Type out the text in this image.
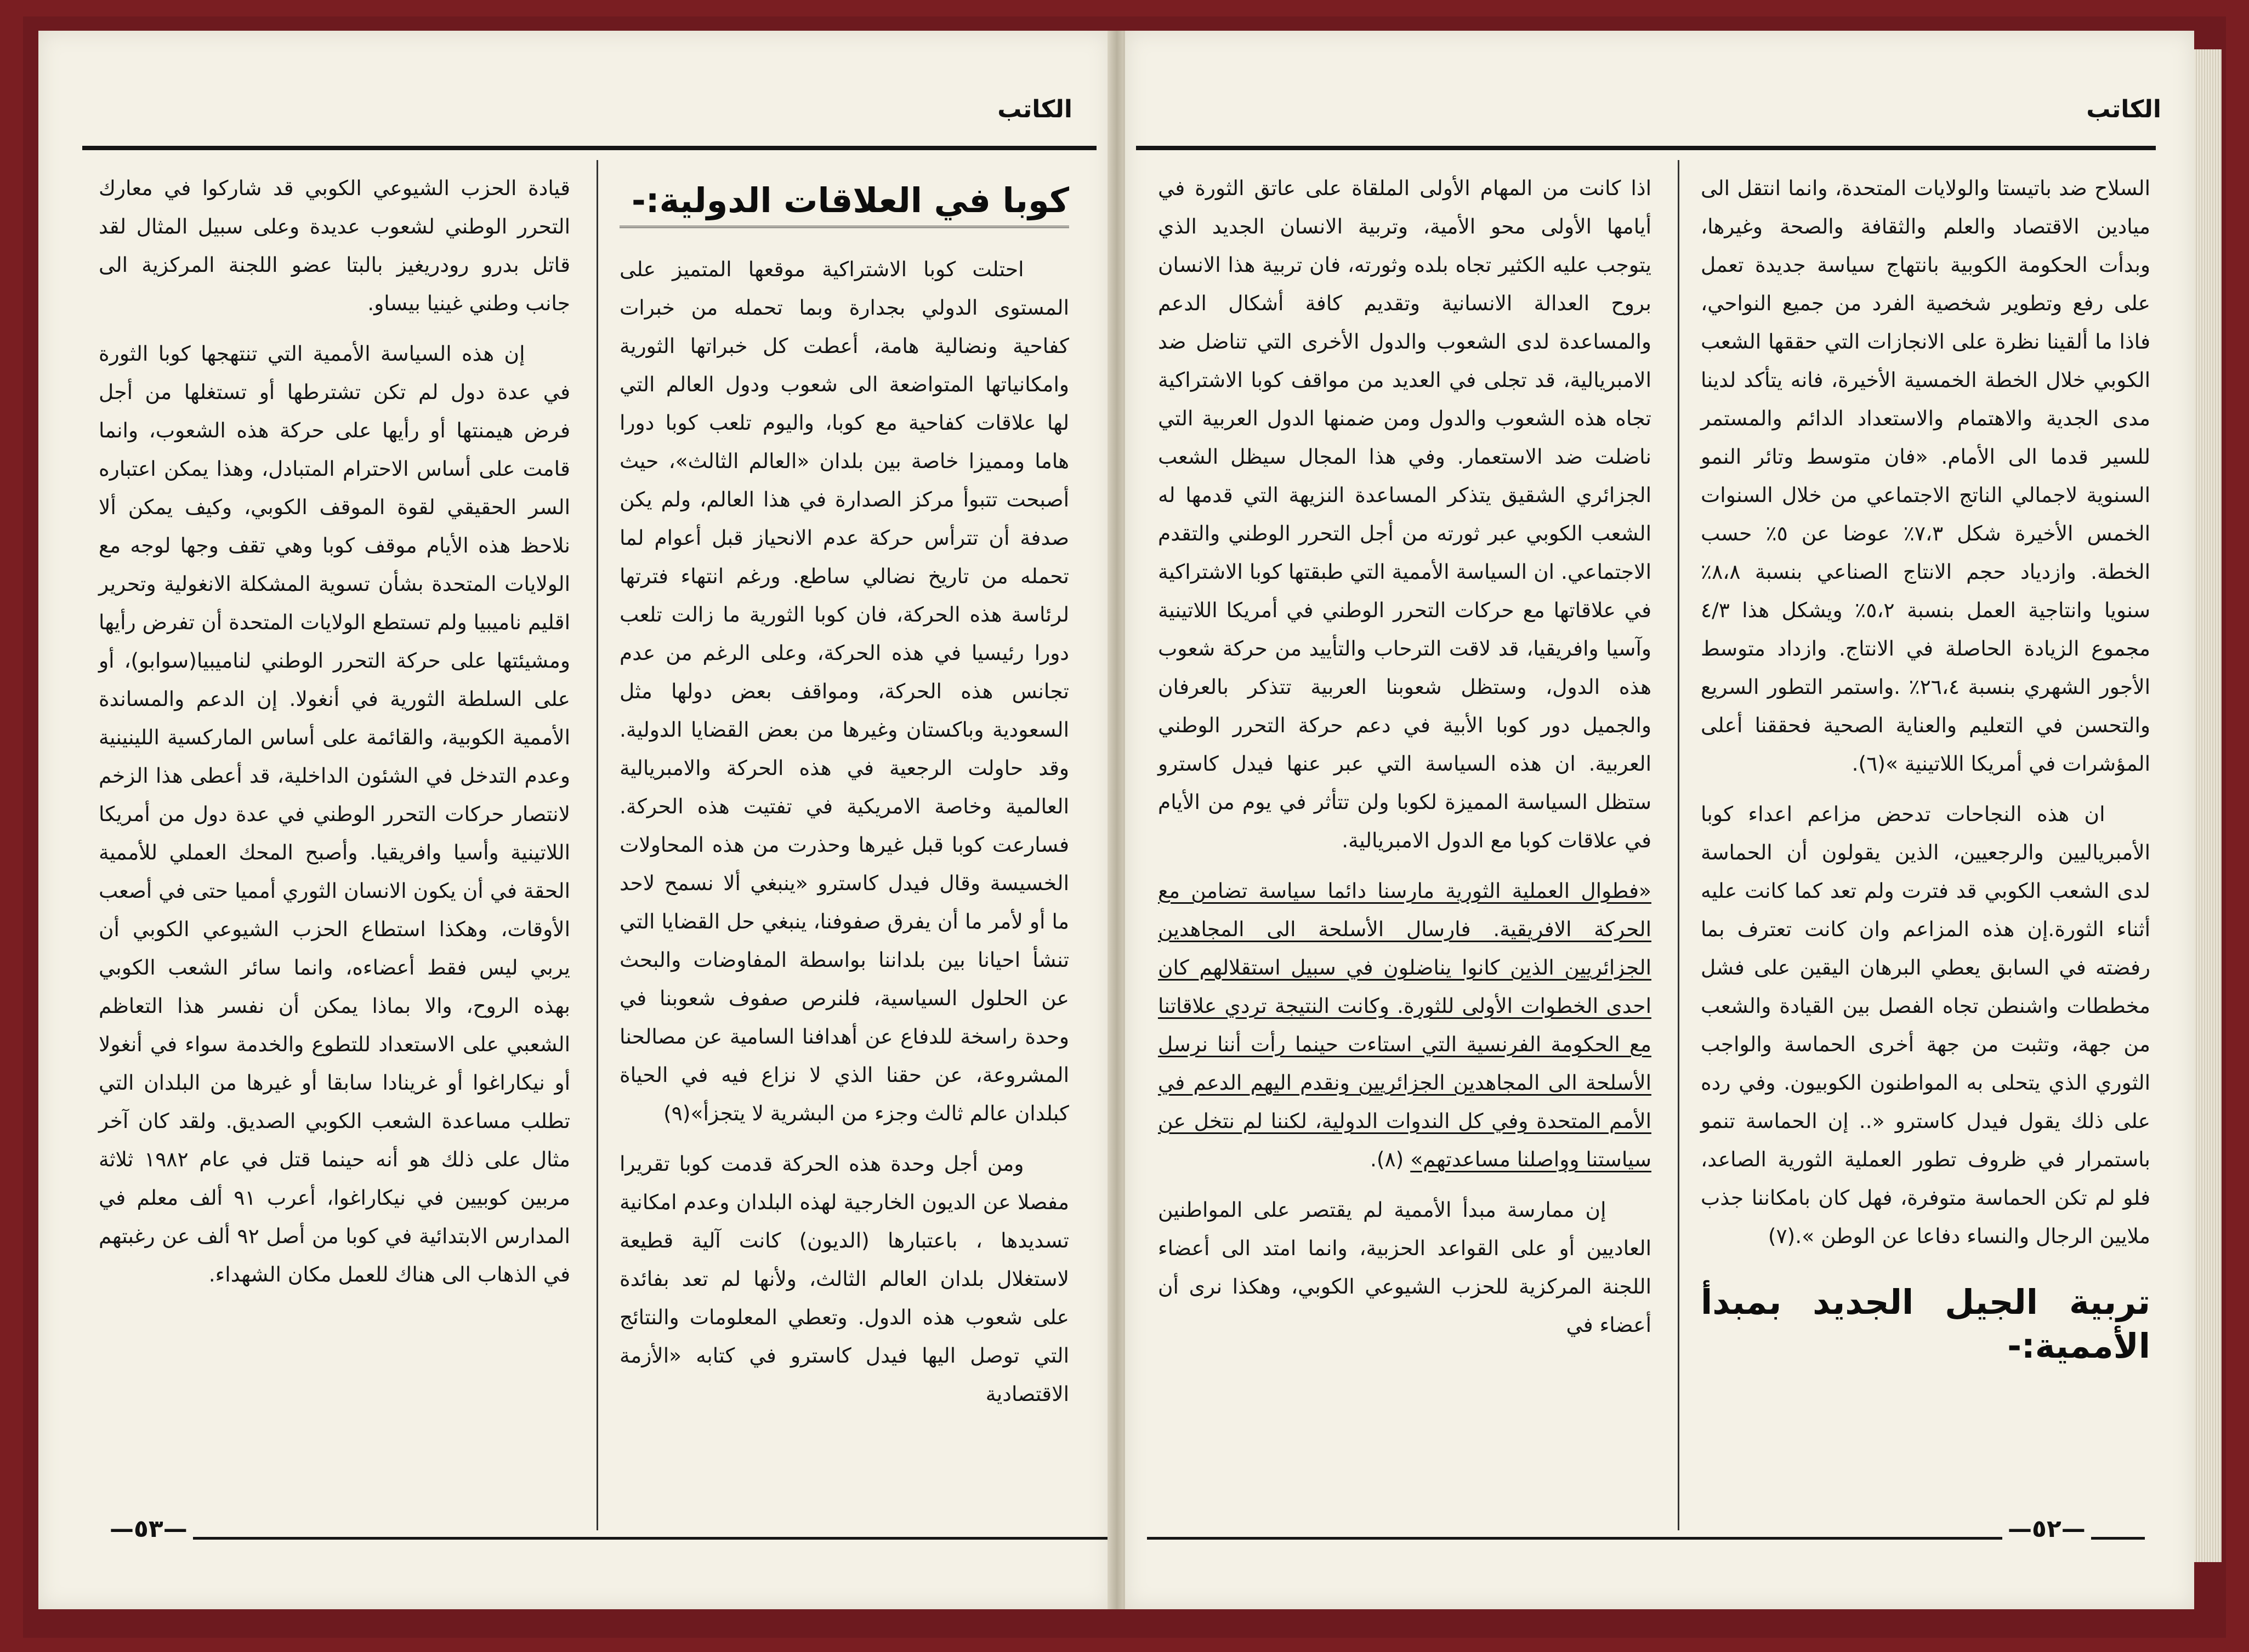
الكاتب

كوبا في العلاقات الدولية:-

احتلت كوبا الاشتراكية موقعها المتميز على المستوى الدولي بجدارة وبما تحمله من خبرات كفاحية ونضالية هامة، أعطت كل خبراتها الثورية وامكانياتها المتواضعة الى شعوب ودول العالم التي لها علاقات كفاحية مع كوبا، واليوم تلعب كوبا دورا هاما ومميزا خاصة بين بلدان «العالم الثالث»، حيث أصبحت تتبوأ مركز الصدارة في هذا العالم، ولم يكن صدفة أن تترأس حركة عدم الانحياز قبل أعوام لما تحمله من تاريخ نضالي ساطع. ورغم انتهاء فترتها لرئاسة هذه الحركة، فان كوبا الثورية ما زالت تلعب دورا رئيسيا في هذه الحركة، وعلى الرغم من عدم تجانس هذه الحركة، ومواقف بعض دولها مثل السعودية وباكستان وغيرها من بعض القضايا الدولية. وقد حاولت الرجعية في هذه الحركة والامبريالية العالمية وخاصة الامريكية في تفتيت هذه الحركة. فسارعت كوبا قبل غيرها وحذرت من هذه المحاولات الخسيسة وقال فيدل كاسترو «ينبغي ألا نسمح لاحد ما أو لأمر ما أن يفرق صفوفنا، ينبغي حل القضايا التي تنشأ احيانا بين بلداننا بواسطة المفاوضات والبحث عن الحلول السياسية، فلنرص صفوف شعوبنا في وحدة راسخة للدفاع عن أهدافنا السامية عن مصالحنا المشروعة، عن حقنا الذي لا نزاع فيه في الحياة كبلدان عالم ثالث وجزء من البشرية لا يتجزأ»(٩)

ومن أجل وحدة هذه الحركة قدمت كوبا تقريرا مفصلا عن الديون الخارجية لهذه البلدان وعدم امكانية تسديدها ، باعتبارها (الديون) كانت آلية قطيعة لاستغلال بلدان العالم الثالث، ولأنها لم تعد بفائدة على شعوب هذه الدول. وتعطي المعلومات والنتائج التي توصل اليها فيدل كاسترو في كتابه «الأزمة الاقتصادية

قيادة الحزب الشيوعي الكوبي قد شاركوا في معارك التحرر الوطني لشعوب عديدة وعلى سبيل المثال لقد قاتل بدرو رودريغيز بالبتا عضو اللجنة المركزية الى جانب وطني غينيا بيساو.

إن هذه السياسة الأممية التي تنتهجها كوبا الثورة في عدة دول لم تكن تشترطها أو تستغلها من أجل فرض هيمنتها أو رأيها على حركة هذه الشعوب، وانما قامت على أساس الاحترام المتبادل، وهذا يمكن اعتباره السر الحقيقي لقوة الموقف الكوبي، وكيف يمكن ألا نلاحظ هذه الأيام موقف كوبا وهي تقف وجها لوجه مع الولايات المتحدة بشأن تسوية المشكلة الانغولية وتحرير اقليم ناميبيا ولم تستطع الولايات المتحدة أن تفرض رأيها ومشيئتها على حركة التحرر الوطني لناميبيا(سوابو)، أو على السلطة الثورية في أنغولا. إن الدعم والمساندة الأممية الكوبية، والقائمة على أساس الماركسية اللينينية وعدم التدخل في الشئون الداخلية، قد أعطى هذا الزخم لانتصار حركات التحرر الوطني في عدة دول من أمريكا اللاتينية وأسيا وافريقيا. وأصبح المحك العملي للأممية الحقة في أن يكون الانسان الثوري أمميا حتى في أصعب الأوقات، وهكذا استطاع الحزب الشيوعي الكوبي أن يربي ليس فقط أعضاءه، وانما سائر الشعب الكوبي بهذه الروح، والا بماذا يمكن أن نفسر هذا التعاظم الشعبي على الاستعداد للتطوع والخدمة سواء في أنغولا أو نيكاراغوا أو غرينادا سابقا أو غيرها من البلدان التي تطلب مساعدة الشعب الكوبي الصديق. ولقد كان آخر مثال على ذلك هو أنه حينما قتل في عام ١٩٨٢ ثلاثة مربين كوبيين في نيكاراغوا، أعرب ٩١ ألف معلم في المدارس الابتدائية في كوبا من أصل ٩٢ ألف عن رغبتهم في الذهاب الى هناك للعمل مكان الشهداء.

—٥٣—
الكاتب

السلاح ضد باتيستا والولايات المتحدة، وانما انتقل الى ميادين الاقتصاد والعلم والثقافة والصحة وغيرها، وبدأت الحكومة الكوبية بانتهاج سياسة جديدة تعمل على رفع وتطوير شخصية الفرد من جميع النواحي، فاذا ما ألقينا نظرة على الانجازات التي حققها الشعب الكوبي خلال الخطة الخمسية الأخيرة، فانه يتأكد لدينا مدى الجدية والاهتمام والاستعداد الدائم والمستمر للسير قدما الى الأمام. «فان متوسط وتائر النمو السنوية لاجمالي الناتج الاجتماعي من خلال السنوات الخمس الأخيرة شكل ٧،٣٪ عوضا عن ٥٪ حسب الخطة. وازدياد حجم الانتاج الصناعي بنسبة ٨،٨٪ سنويا وانتاجية العمل بنسبة ٥،٢٪ ويشكل هذا ٤/٣ مجموع الزيادة الحاصلة في الانتاج. وازداد متوسط الأجور الشهري بنسبة ٢٦،٤٪ .واستمر التطور السريع والتحسن في التعليم والعناية الصحية فحققنا أعلى المؤشرات في أمريكا اللاتينية »(٦).

ان هذه النجاحات تدحض مزاعم اعداء كوبا الأمبرياليين والرجعيين، الذين يقولون أن الحماسة لدى الشعب الكوبي قد فترت ولم تعد كما كانت عليه أثناء الثورة.إن هذه المزاعم وان كانت تعترف بما رفضته في السابق يعطي البرهان اليقين على فشل مخططات واشنطن تجاه الفصل بين القيادة والشعب من جهة، وتثبت من جهة أخرى الحماسة والواجب الثوري الذي يتحلى به المواطنون الكوبيون. وفي رده على ذلك يقول فيدل كاسترو «.. إن الحماسة تنمو باستمرار في ظروف تطور العملية الثورية الصاعد، فلو لم تكن الحماسة متوفرة، فهل كان بامكاننا جذب ملايين الرجال والنساء دفاعا عن الوطن ».(٧)

تربية الجيل الجديد بمبدأ الأممية:-

اذا كانت من المهام الأولى الملقاة على عاتق الثورة في أيامها الأولى محو الأمية، وتربية الانسان الجديد الذي يتوجب عليه الكثير تجاه بلده وثورته، فان تربية هذا الانسان بروح العدالة الانسانية وتقديم كافة أشكال الدعم والمساعدة لدى الشعوب والدول الأخرى التي تناضل ضد الامبريالية، قد تجلى في العديد من مواقف كوبا الاشتراكية تجاه هذه الشعوب والدول ومن ضمنها الدول العربية التي ناضلت ضد الاستعمار. وفي هذا المجال سيظل الشعب الجزائري الشقيق يتذكر المساعدة النزيهة التي قدمها له الشعب الكوبي عبر ثورته من أجل التحرر الوطني والتقدم الاجتماعي. ان السياسة الأممية التي طبقتها كوبا الاشتراكية في علاقاتها مع حركات التحرر الوطني في أمريكا اللاتينية وآسيا وافريقيا، قد لاقت الترحاب والتأييد من حركة شعوب هذه الدول، وستظل شعوبنا العربية تتذكر بالعرفان والجميل دور كوبا الأبية في دعم حركة التحرر الوطني العربية. ان هذه السياسة التي عبر عنها فيدل كاسترو ستظل السياسة المميزة لكوبا ولن تتأثر في يوم من الأيام في علاقات كوبا مع الدول الامبريالية.

«فطوال العملية الثورية مارسنا دائما سياسة تضامن مع الحركة الافريقية. فارسال الأسلحة الى المجاهدين الجزائريين الذين كانوا يناضلون في سبيل استقلالهم كان احدى الخطوات الأولى للثورة. وكانت النتيجة تردي علاقاتنا مع الحكومة الفرنسية التي استاءت حينما رأت أننا نرسل الأسلحة الى المجاهدين الجزائريين ونقدم اليهم الدعم في الأمم المتحدة وفي كل الندوات الدولية، لكننا لم نتخل عن سياستنا وواصلنا مساعدتهم» (٨).

إن ممارسة مبدأ الأممية لم يقتصر على المواطنين العاديين أو على القواعد الحزبية، وانما امتد الى أعضاء اللجنة المركزية للحزب الشيوعي الكوبي، وهكذا نرى أن أعضاء في

—٥٢—
